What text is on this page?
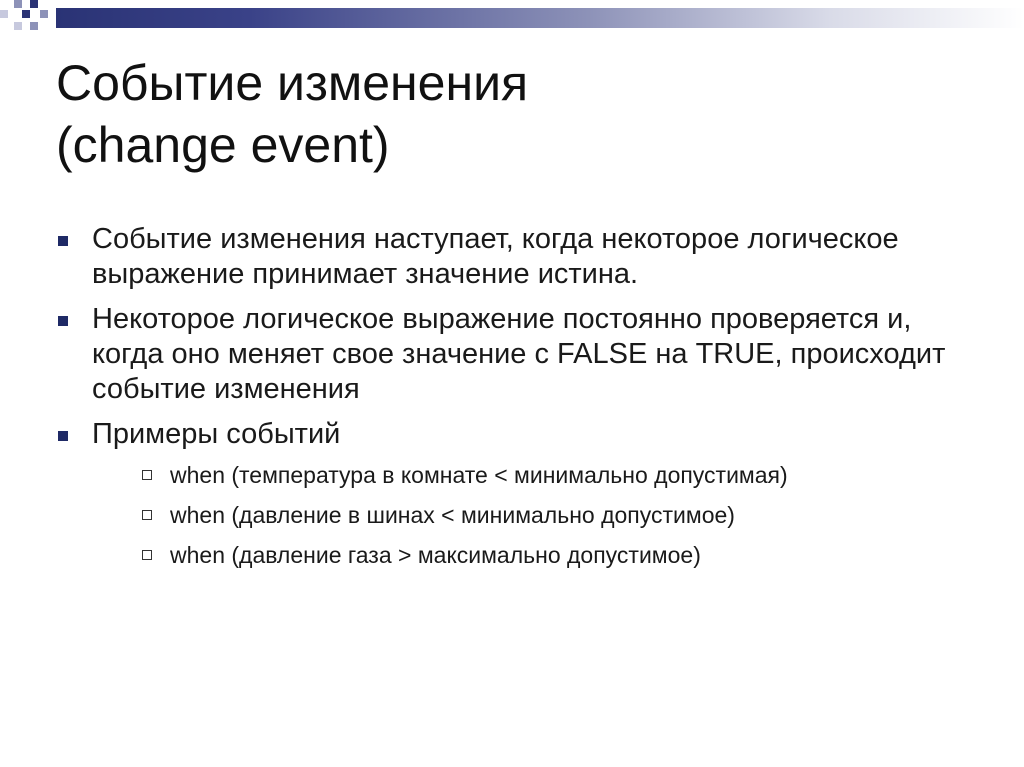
Событие изменения
(change event)
Событие изменения наступает, когда некоторое логическое выражение принимает значение истина.
Некоторое логическое выражение постоянно проверяется и, когда оно меняет свое значение с FALSE на TRUE, происходит событие изменения
Примеры событий
when (температура в комнате < минимально допустимая)
when (давление в шинах < минимально допустимое)
when (давление газа > максимально допустимое)
